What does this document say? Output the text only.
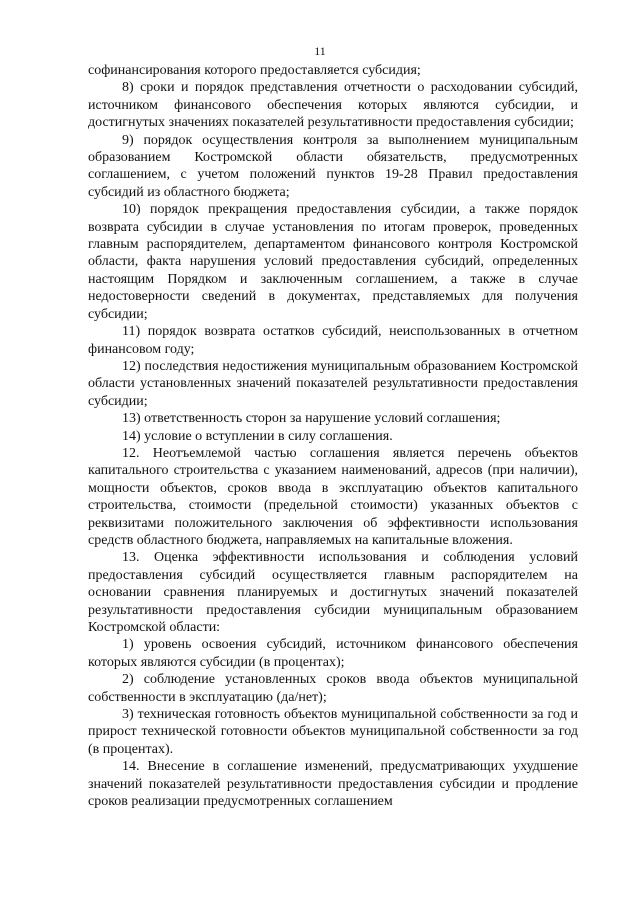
11

софинансирования которого предоставляется субсидия;

8) сроки и порядок представления отчетности о расходовании субсидий, источником финансового обеспечения которых являются субсидии, и достигнутых значениях показателей результативности предоставления субсидии;

9) порядок осуществления контроля за выполнением муниципальным образованием Костромской области обязательств, предусмотренных соглашением, с учетом положений пунктов 19-28 Правил предоставления субсидий из областного бюджета;

10) порядок прекращения предоставления субсидии, а также порядок возврата субсидии в случае установления по итогам проверок, проведенных главным распорядителем, департаментом финансового контроля Костромской области, факта нарушения условий предоставления субсидий, определенных настоящим Порядком и заключенным соглашением, а также в случае недостоверности сведений в документах, представляемых для получения субсидии;

11) порядок возврата остатков субсидий, неиспользованных в отчетном финансовом году;

12) последствия недостижения муниципальным образованием Костромской области установленных значений показателей результативности предоставления субсидии;

13) ответственность сторон за нарушение условий соглашения;

14) условие о вступлении в силу соглашения.

12. Неотъемлемой частью соглашения является перечень объектов капитального строительства с указанием наименований, адресов (при наличии), мощности объектов, сроков ввода в эксплуатацию объектов капитального строительства, стоимости (предельной стоимости) указанных объектов с реквизитами положительного заключения об эффективности использования средств областного бюджета, направляемых на капитальные вложения.

13. Оценка эффективности использования и соблюдения условий предоставления субсидий осуществляется главным распорядителем на основании сравнения планируемых и достигнутых значений показателей результативности предоставления субсидии муниципальным образованием Костромской области:

1) уровень освоения субсидий, источником финансового обеспечения которых являются субсидии (в процентах);

2) соблюдение установленных сроков ввода объектов муниципальной собственности в эксплуатацию (да/нет);

3) техническая готовность объектов муниципальной собственности за год и прирост технической готовности объектов муниципальной собственности за год (в процентах).

14. Внесение в соглашение изменений, предусматривающих ухудшение значений показателей результативности предоставления субсидии и продление сроков реализации предусмотренных соглашением
